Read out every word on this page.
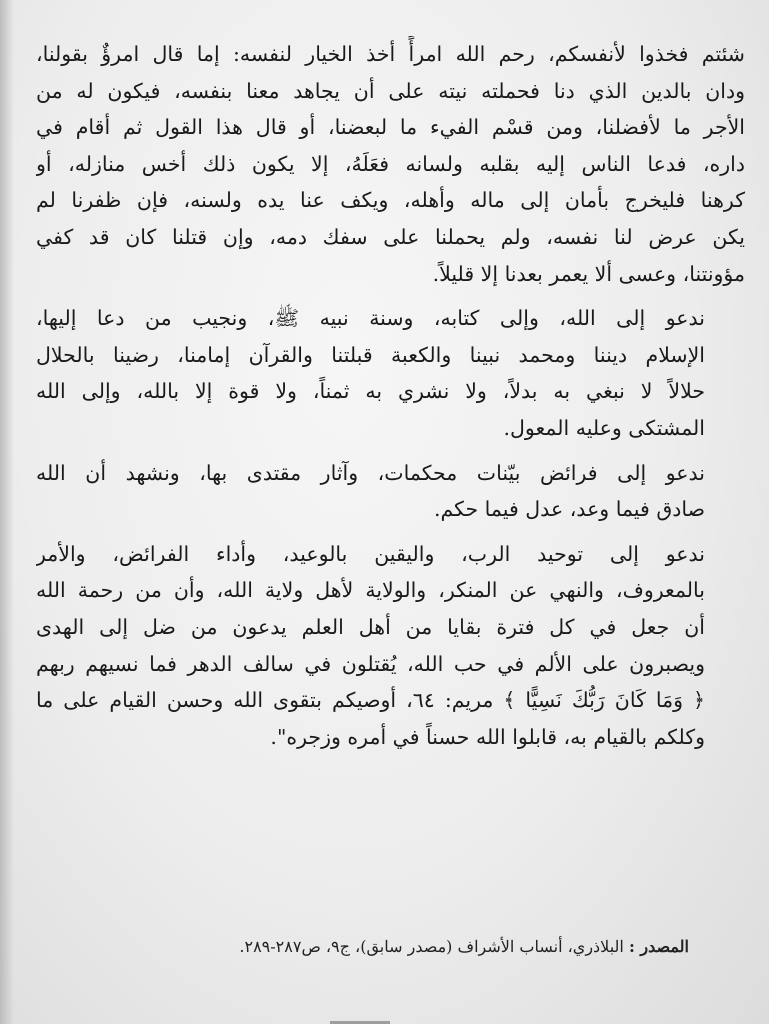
شئتم فخذوا لأنفسكم، رحم الله امرأً أخذ الخيار لنفسه: إما قال امرؤٌ بقولنا،
ودان بالدين الذي دنا فحملته نيته على أن يجاهد معنا بنفسه، فيكون له من
الأجر ما لأفضلنا، ومن قسْم الفيء ما لبعضنا، أو قال هذا القول ثم أقام في
داره، فدعا الناس إليه بقلبه ولسانه فعَلَهُ، إلا يكون ذلك أخس منازله، أو
كرهنا فليخرج بأمان إلى ماله وأهله، ويكف عنا يده ولسنه، فإن ظفرنا لم
يكن عرض لنا نفسه، ولم يحملنا على سفك دمه، وإن قتلنا كان قد كفي
مؤونتنا، وعسى ألا يعمر بعدنا إلا قليلاً.

ندعو إلى الله، وإلى كتابه، وسنة نبيه ﷺ، ونجيب من دعا إليها،
الإسلام ديننا ومحمد نبينا والكعبة قبلتنا والقرآن إمامنا، رضينا بالحلال
حلالاً لا نبغي به بدلاً، ولا نشري به ثمناً، ولا قوة إلا بالله، وإلى الله
المشتكى وعليه المعول.

ندعو إلى فرائض بيّنات محكمات، وآثار مقتدى بها، ونشهد أن الله
صادق فيما وعد، عدل فيما حكم.

ندعو إلى توحيد الرب، واليقين بالوعيد، وأداء الفرائض، والأمر
بالمعروف، والنهي عن المنكر، والولاية لأهل ولاية الله، وأن من رحمة الله
أن جعل في كل فترة بقايا من أهل العلم يدعون من ضل إلى الهدى
ويصبرون على الألم في حب الله، يُقتلون في سالف الدهر فما نسيهم ربهم
﴿ وَمَا كَانَ رَبُّكَ نَسِيًّا ﴾ مريم: ٦٤، أوصيكم بتقوى الله وحسن القيام على ما
وكلكم بالقيام به، قابلوا الله حسناً في أمره وزجره".

المصدر : البلاذري، أنساب الأشراف (مصدر سابق)، ج٩، ص٢٨٧-٢٨٩.
